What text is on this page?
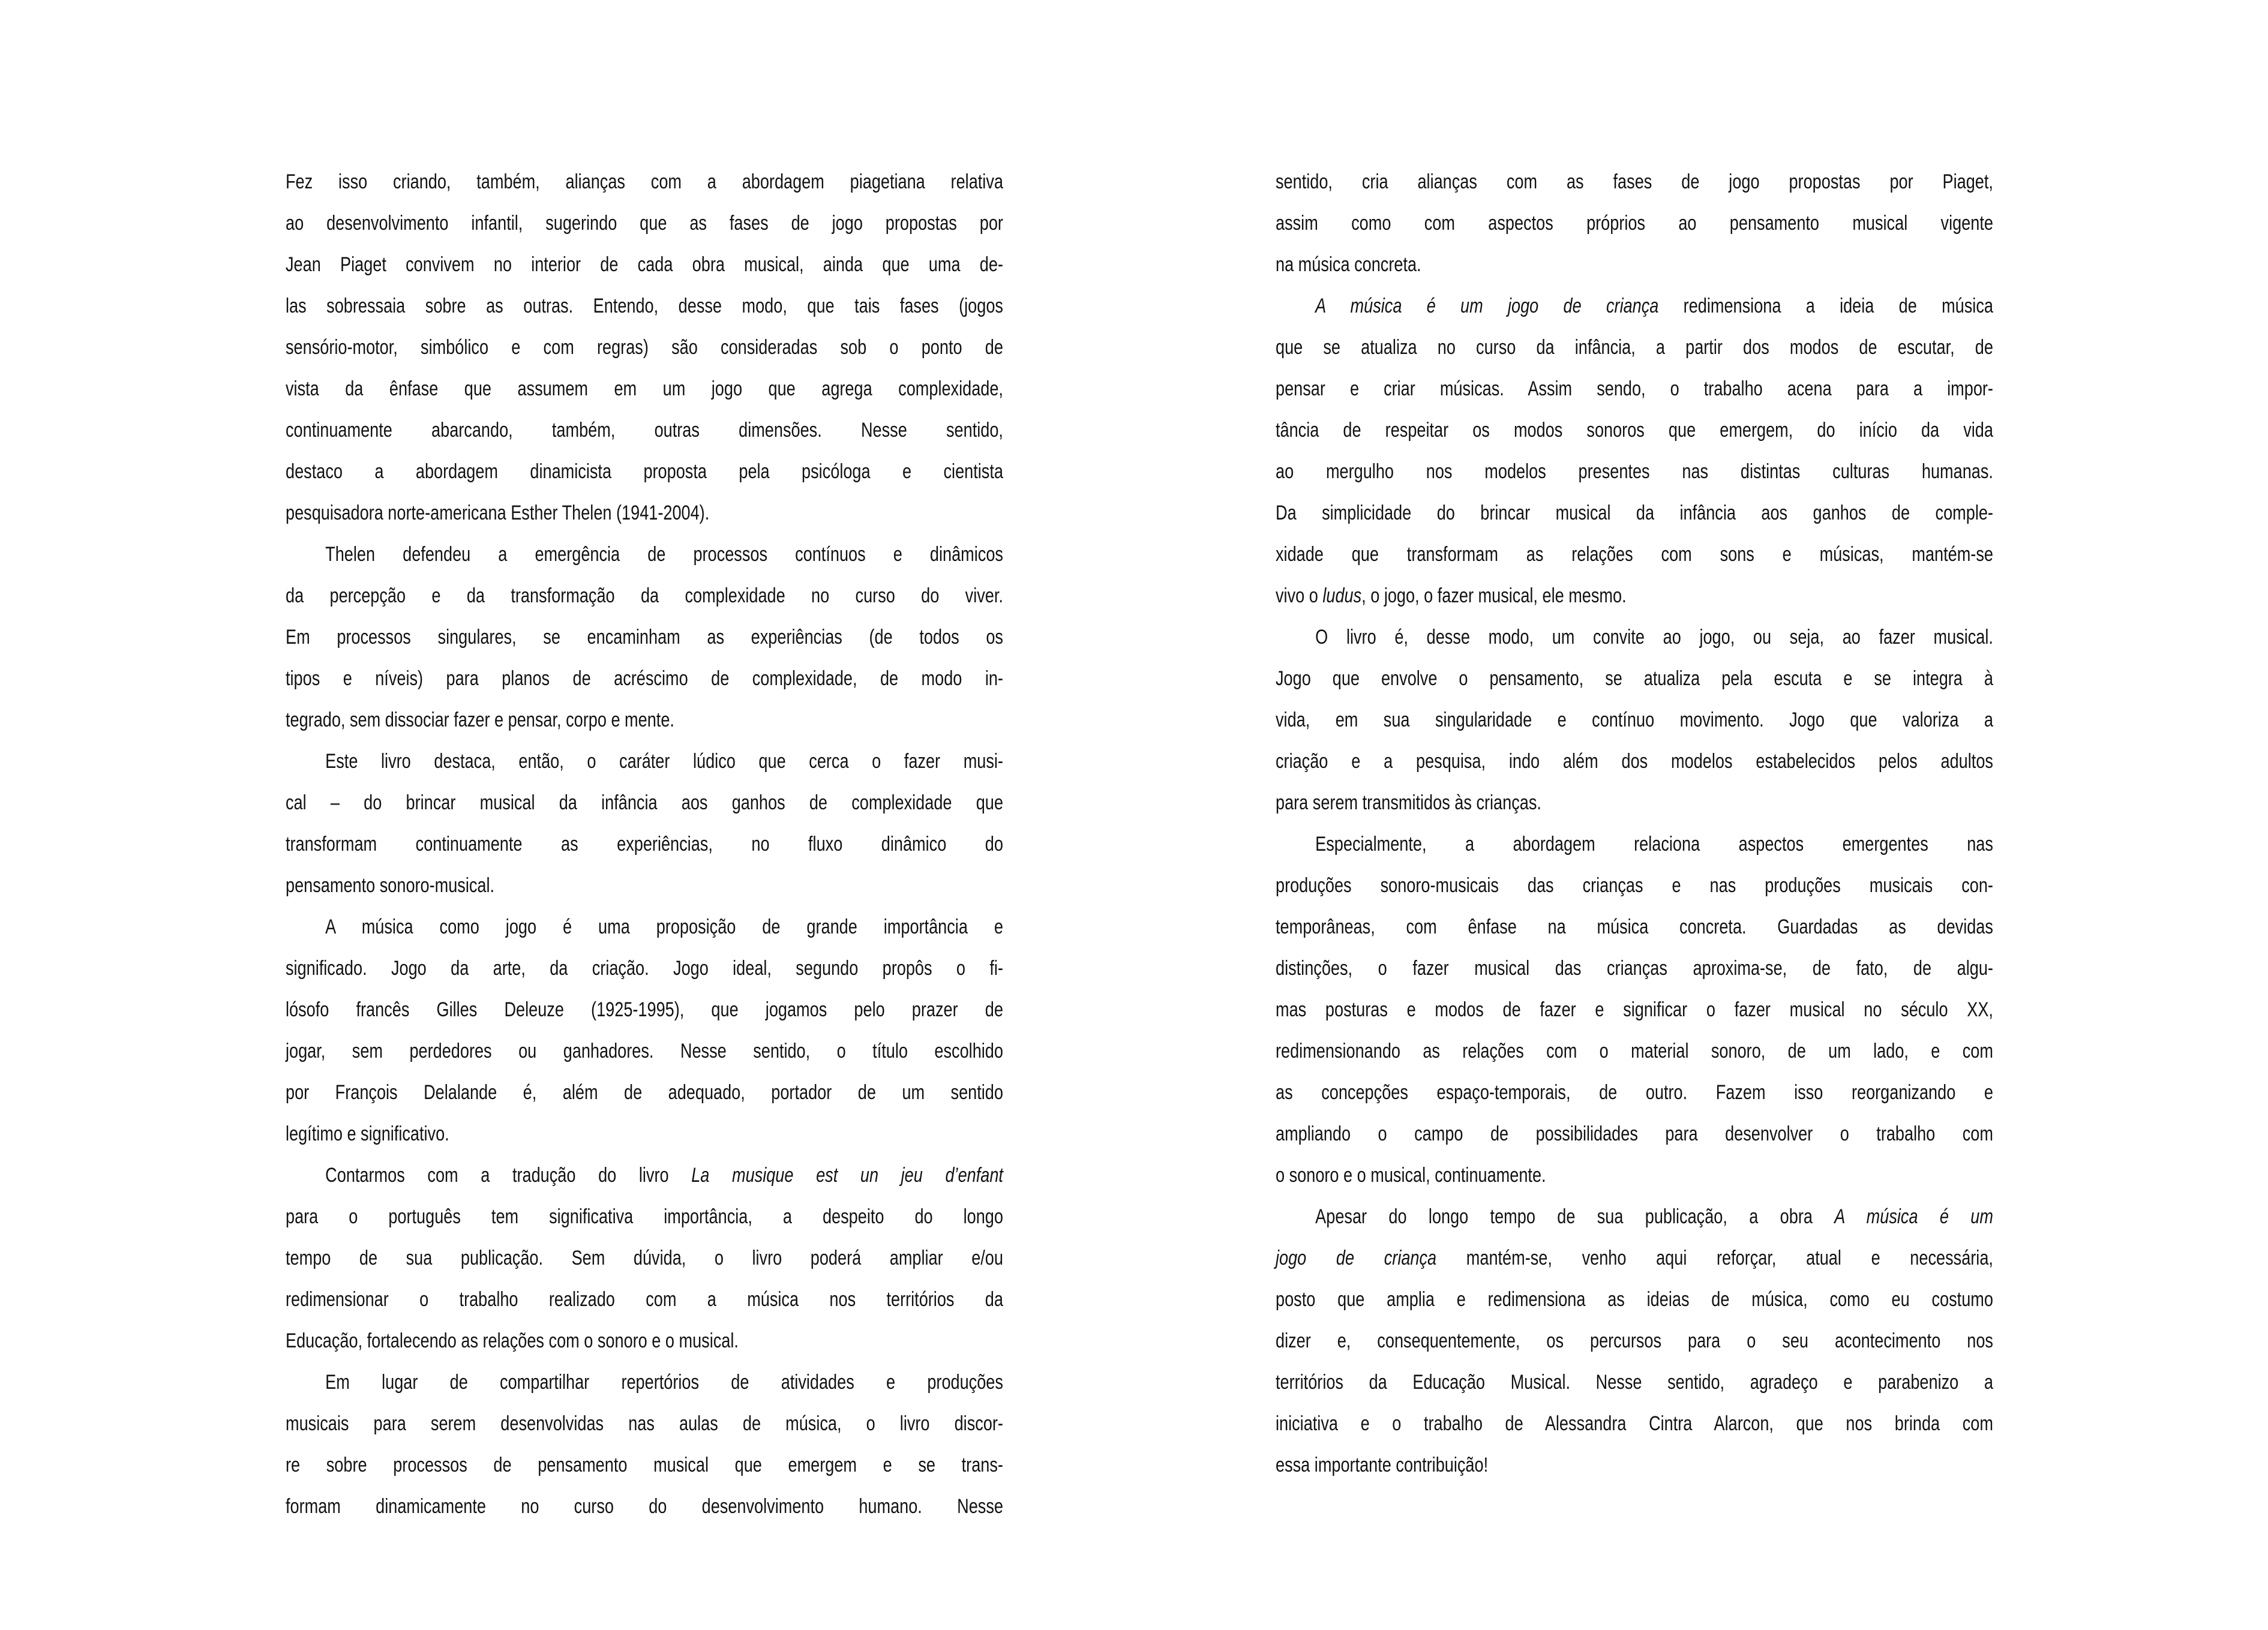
Fez isso criando, também, alianças com a abordagem piagetiana relativa
ao desenvolvimento infantil, sugerindo que as fases de jogo propostas por
Jean Piaget convivem no interior de cada obra musical, ainda que uma de-
las sobressaia sobre as outras. Entendo, desse modo, que tais fases (jogos
sensório-motor, simbólico e com regras) são consideradas sob o ponto de
vista da ênfase que assumem em um jogo que agrega complexidade,
continuamente abarcando, também, outras dimensões. Nesse sentido,
destaco a abordagem dinamicista proposta pela psicóloga e cientista
pesquisadora norte-americana Esther Thelen (1941-2004).
Thelen defendeu a emergência de processos contínuos e dinâmicos
da percepção e da transformação da complexidade no curso do viver.
Em processos singulares, se encaminham as experiências (de todos os
tipos e níveis) para planos de acréscimo de complexidade, de modo in-
tegrado, sem dissociar fazer e pensar, corpo e mente.
Este livro destaca, então, o caráter lúdico que cerca o fazer musi-
cal – do brincar musical da infância aos ganhos de complexidade que
transformam continuamente as experiências, no fluxo dinâmico do
pensamento sonoro-musical.
A música como jogo é uma proposição de grande importância e
significado. Jogo da arte, da criação. Jogo ideal, segundo propôs o fi-
lósofo francês Gilles Deleuze (1925-1995), que jogamos pelo prazer de
jogar, sem perdedores ou ganhadores. Nesse sentido, o título escolhido
por François Delalande é, além de adequado, portador de um sentido
legítimo e significativo.
Contarmos com a tradução do livro La musique est un jeu d’enfant
para o português tem significativa importância, a despeito do longo
tempo de sua publicação. Sem dúvida, o livro poderá ampliar e/ou
redimensionar o trabalho realizado com a música nos territórios da
Educação, fortalecendo as relações com o sonoro e o musical.
Em lugar de compartilhar repertórios de atividades e produções
musicais para serem desenvolvidas nas aulas de música, o livro discor-
re sobre processos de pensamento musical que emergem e se trans-
formam dinamicamente no curso do desenvolvimento humano. Nesse
sentido, cria alianças com as fases de jogo propostas por Piaget,
assim como com aspectos próprios ao pensamento musical vigente
na música concreta.
A música é um jogo de criança redimensiona a ideia de música
que se atualiza no curso da infância, a partir dos modos de escutar, de
pensar e criar músicas. Assim sendo, o trabalho acena para a impor-
tância de respeitar os modos sonoros que emergem, do início da vida
ao mergulho nos modelos presentes nas distintas culturas humanas.
Da simplicidade do brincar musical da infância aos ganhos de comple-
xidade que transformam as relações com sons e músicas, mantém-se
vivo o ludus, o jogo, o fazer musical, ele mesmo.
O livro é, desse modo, um convite ao jogo, ou seja, ao fazer musical.
Jogo que envolve o pensamento, se atualiza pela escuta e se integra à
vida, em sua singularidade e contínuo movimento. Jogo que valoriza a
criação e a pesquisa, indo além dos modelos estabelecidos pelos adultos
para serem transmitidos às crianças.
Especialmente, a abordagem relaciona aspectos emergentes nas
produções sonoro-musicais das crianças e nas produções musicais con-
temporâneas, com ênfase na música concreta. Guardadas as devidas
distinções, o fazer musical das crianças aproxima-se, de fato, de algu-
mas posturas e modos de fazer e significar o fazer musical no século XX,
redimensionando as relações com o material sonoro, de um lado, e com
as concepções espaço-temporais, de outro. Fazem isso reorganizando e
ampliando o campo de possibilidades para desenvolver o trabalho com
o sonoro e o musical, continuamente.
Apesar do longo tempo de sua publicação, a obra A música é um
jogo de criança mantém-se, venho aqui reforçar, atual e necessária,
posto que amplia e redimensiona as ideias de música, como eu costumo
dizer e, consequentemente, os percursos para o seu acontecimento nos
territórios da Educação Musical. Nesse sentido, agradeço e parabenizo a
iniciativa e o trabalho de Alessandra Cintra Alarcon, que nos brinda com
essa importante contribuição!
